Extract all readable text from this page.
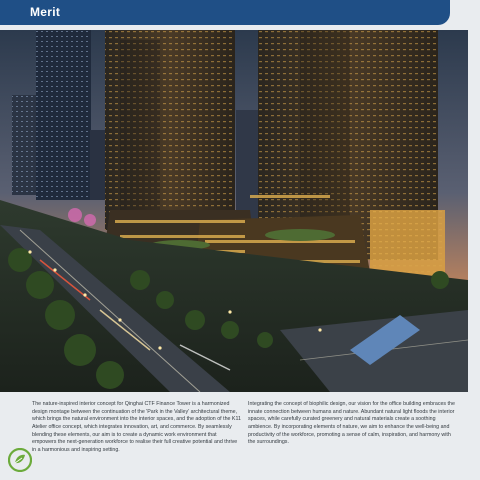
Merit

The nature-inspired interior concept for Qinghai CTF Finance Tower is a harmonized design montage between the continuation of the 'Park in the Valley' architectural theme, which brings the natural environment into the interior spaces, and the adoption of the K11 Atelier office concept, which integrates innovation, art, and commerce. By seamlessly blending these elements, our aim is to create a dynamic work environment that empowers the next-generation workforce to realise their full creative potential and thrive in a harmonious and inspiring setting.

Integrating the concept of biophilic design, our vision for the office building embraces the innate connection between humans and nature. Abundant natural light floods the interior spaces, while carefully curated greenery and natural materials create a soothing ambience. By incorporating elements of nature, we aim to enhance the well-being and productivity of the workforce, promoting a sense of calm, inspiration, and harmony with the surroundings.
